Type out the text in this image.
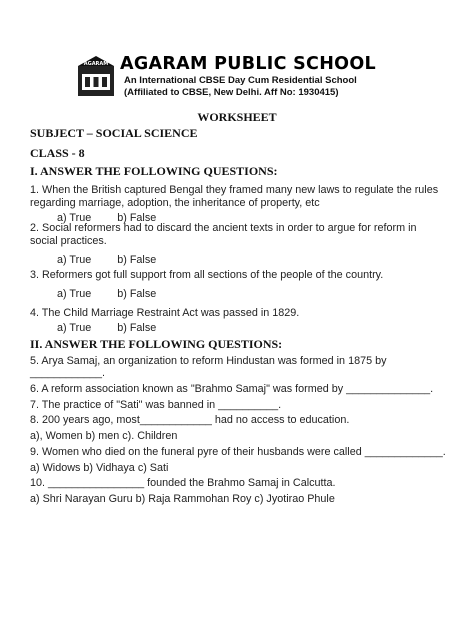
AGARAM AGARAM PUBLIC SCHOOL
An International CBSE Day Cum Residential School
(Affiliated to CBSE, New Delhi. Aff No: 1930415)
WORKSHEET
SUBJECT – SOCIAL SCIENCE
CLASS - 8
I. ANSWER THE FOLLOWING QUESTIONS:
1. When the British captured Bengal they framed many new laws to regulate the rules
regarding marriage, adoption, the inheritance of property, etc
a) True b) False
2. Social reformers had to discard the ancient texts in order to argue for reform in
social practices.
a) True b) False
3. Reformers got full support from all sections of the people of the country.
a) True b) False
4. The Child Marriage Restraint Act was passed in 1829.
a) True b) False
II. ANSWER THE FOLLOWING QUESTIONS:
5. Arya Samaj, an organization to reform Hindustan was formed in 1875 by
____________.
6. A reform association known as "Brahmo Samaj" was formed by ______________.
7. The practice of "Sati" was banned in __________.
8. 200 years ago, most____________ had no access to education.
a), Women b) men c). Children
9. Women who died on the funeral pyre of their husbands were called _____________.
a) Widows b) Vidhaya c) Sati
10. ________________ founded the Brahmo Samaj in Calcutta.
a) Shri Narayan Guru b) Raja Rammohan Roy c) Jyotirao Phule
